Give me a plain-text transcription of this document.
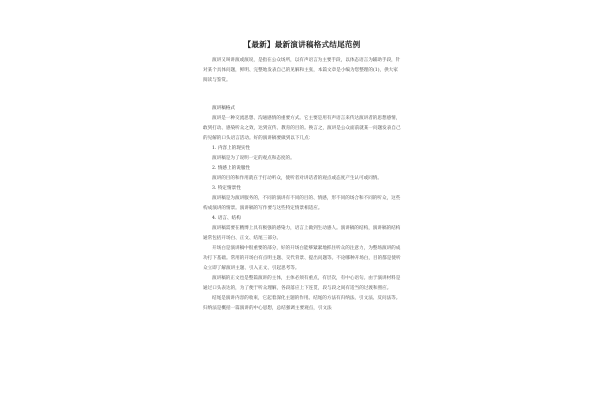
【最新】最新演讲稿格式结尾范例

演讲又叫讲演或演说，是指在公众场所，以有声语言为主要手段，以体态语言为辅助手段，针对某个具体问题，鲜明、完整地发表自己的见解和主张，本篇文章是小编为您整理的(1)，供大家阅读与鉴赏。

演讲稿格式

演讲是一种交流思想、沟通感情的重要方式。它主要是用有声语言来传达演讲者的思想感情，敢到打动、感染听众之效，达到宣传、教育的目的。换言之，演讲是公众面前就某一问题发表自己的见解的口头语言活动。好的演讲稿要做到以下几点：

1. 内容上的现实性

演讲稿是为了说明一定的观点和态度的。

2. 情感上的说服性

演讲的目的和作用就在于打动听众，使听者对讲话者的观点或态度产生认可或同情。

3. 特定情景性

演讲稿是为演讲服务的，不同的演讲有不同的目的、情感，形不同的场合和不同的听众，这些构成演讲的情景。演讲稿的写作要与这些特定情景相适应。

4. 语言、结构

演讲稿需要在精博上具有极强的感染力，语言上做到生动感人。演讲稿的结构，演讲稿的结构通常包括开场白、正文、结尾三部分。

开场白是演讲稿中很重要的部分，好的开场白能够紧紧地抓住听众的注意力，为整场演讲的成功打下基础。常用的开场白有点明主题、交代背景、提出问题等。不论哪种开场白，目的都是使听众立即了解演讲主题、引入正文、引起思考等。

演讲稿的正文也是整篇演讲的主体，主体必须有重点，有层次，有中心语句。由于演讲材料是通过口头表达的，为了便于听众理解，各段落应上下连贯，段与段之间有适当的过渡和照应。

结尾是演讲内容的收束，它起着深化主题的作用。结尾的方法有归纳法、引文法、反问法等。归纳法是概括一篇演讲的中心思想，总结强调主要观点，引文法
